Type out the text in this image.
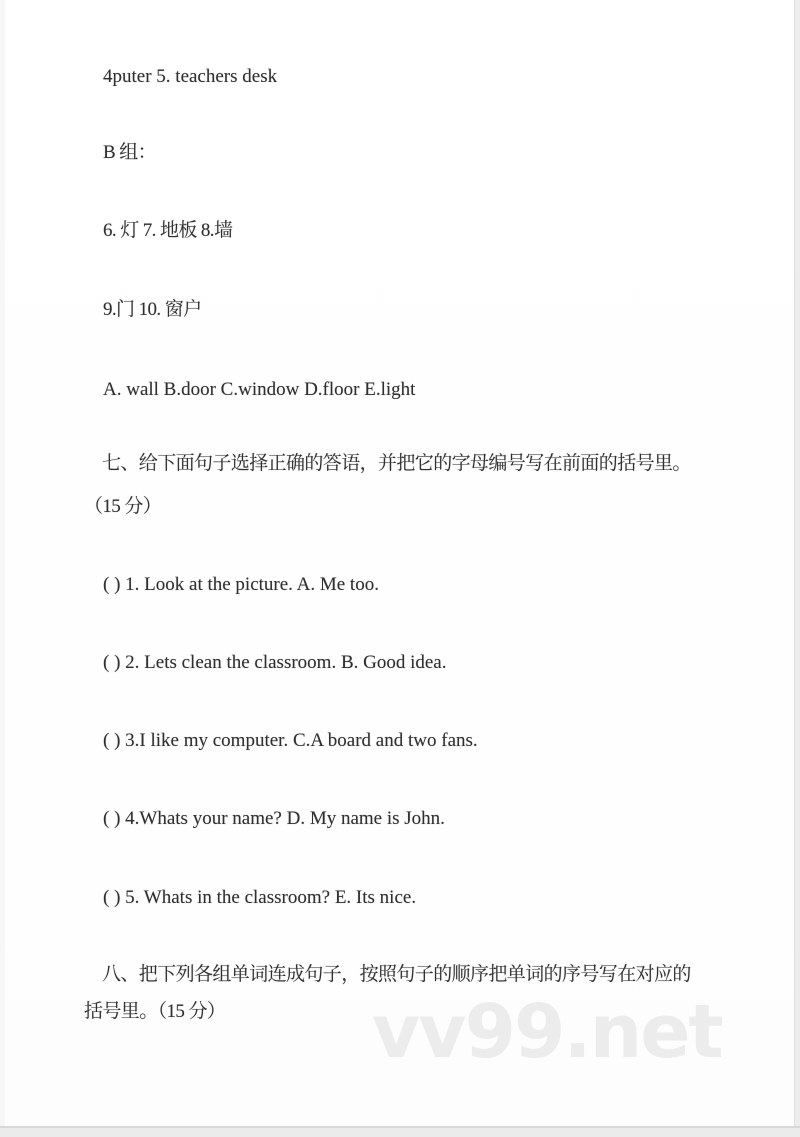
vv99.net
4puter 5. teachers desk
B 组：
6. 灯 7. 地板 8.墙
9.门 10. 窗户
A. wall B.door C.window D.floor E.light
七、给下面句子选择正确的答语，并把它的字母编号写在前面的括号里。
（15 分）
( ) 1. Look at the picture. A. Me too.
( ) 2. Lets clean the classroom. B. Good idea.
( ) 3.I like my computer. C.A board and two fans.
( ) 4.Whats your name? D. My name is John.
( ) 5. Whats in the classroom? E. Its nice.
八、把下列各组单词连成句子，按照句子的顺序把单词的序号写在对应的
括号里。（15 分）
